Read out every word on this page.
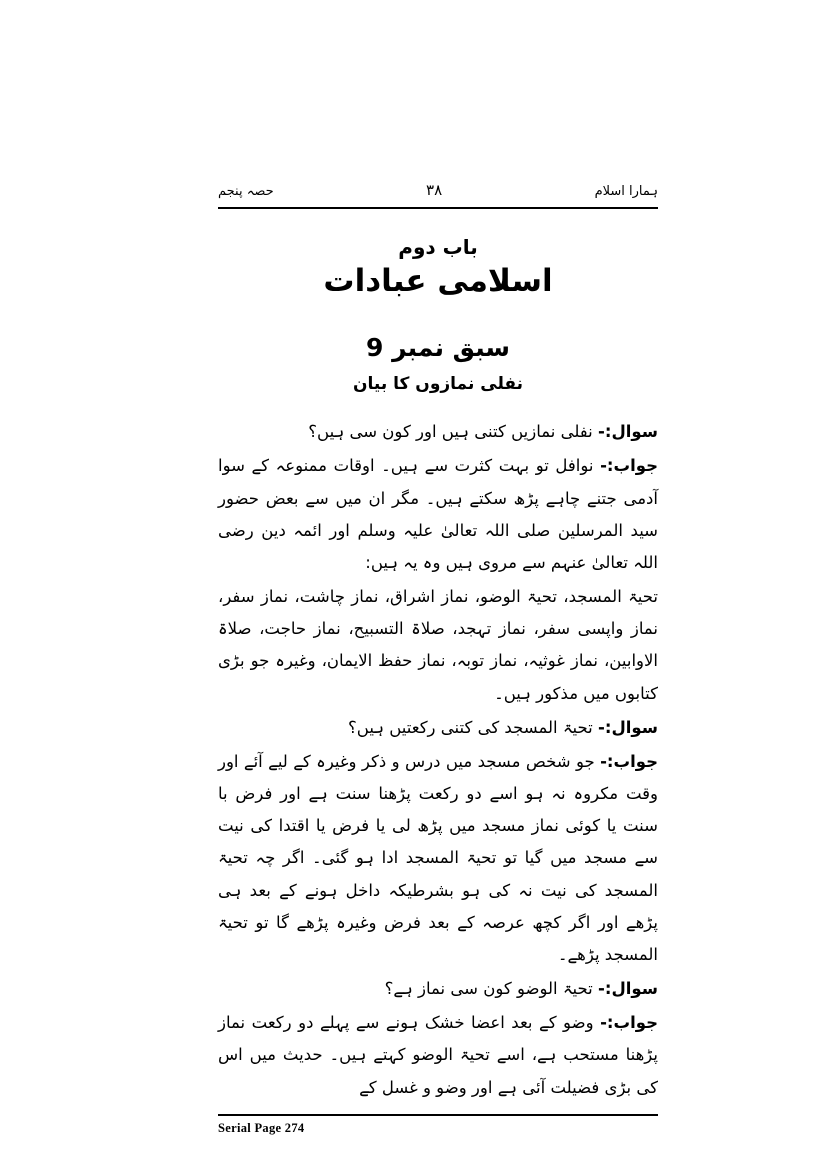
ہمارا اسلام
۳۸
حصہ پنجم
باب دوم
اسلامی عبادات
سبق نمبر 9
نفلی نمازوں کا بیان
سوال:- نفلی نمازیں کتنی ہیں اور کون سی ہیں؟
جواب:- نوافل تو بہت کثرت سے ہیں۔ اوقات ممنوعہ کے سوا آدمی جتنے چاہے پڑھ سکتے ہیں۔ مگر ان میں سے بعض حضور سید المرسلین صلی اللہ تعالیٰ علیہ وسلم اور ائمہ دین رضی اللہ تعالیٰ عنہم سے مروی ہیں وہ یہ ہیں:
تحیۃ المسجد، تحیۃ الوضو، نماز اشراق، نماز چاشت، نماز سفر، نماز واپسی سفر، نماز تہجد، صلاۃ التسبیح، نماز حاجت، صلاۃ الاوابین، نماز غوثیہ، نماز توبہ، نماز حفظ الایمان، وغیرہ جو بڑی کتابوں میں مذکور ہیں۔
سوال:- تحیۃ المسجد کی کتنی رکعتیں ہیں؟
جواب:- جو شخص مسجد میں درس و ذکر وغیرہ کے لیے آئے اور وقت مکروہ نہ ہو اسے دو رکعت پڑھنا سنت ہے اور فرض با سنت یا کوئی نماز مسجد میں پڑھ لی یا فرض یا اقتدا کی نیت سے مسجد میں گیا تو تحیۃ المسجد ادا ہو گئی۔ اگر چہ تحیۃ المسجد کی نیت نہ کی ہو بشرطیکہ داخل ہونے کے بعد ہی پڑھے اور اگر کچھ عرصہ کے بعد فرض وغیرہ پڑھے گا تو تحیۃ المسجد پڑھے۔
سوال:- تحیۃ الوضو کون سی نماز ہے؟
جواب:- وضو کے بعد اعضا خشک ہونے سے پہلے دو رکعت نماز پڑھنا مستحب ہے، اسے تحیۃ الوضو کہتے ہیں۔ حدیث میں اس کی بڑی فضیلت آئی ہے اور وضو و غسل کے
Serial Page 274
